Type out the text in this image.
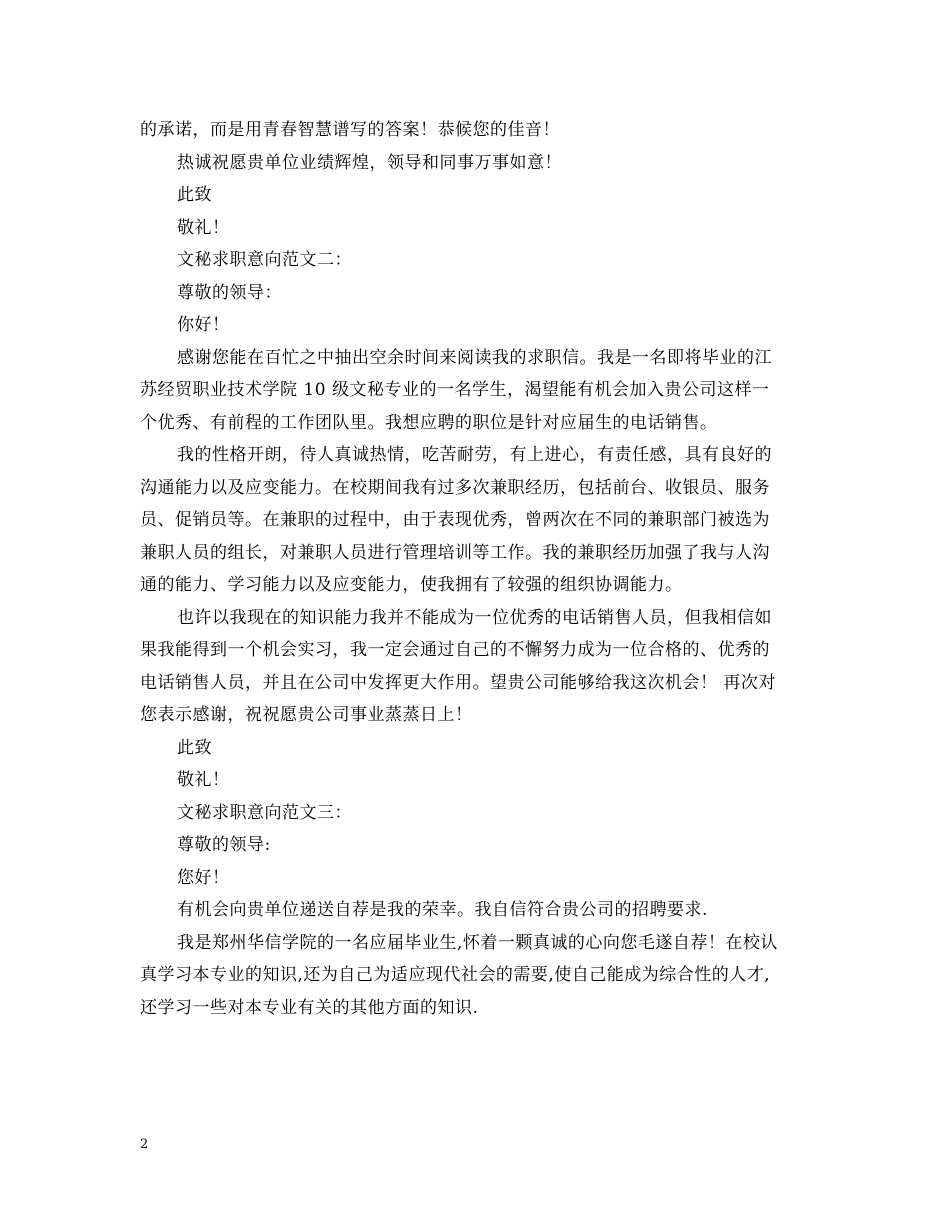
的承诺，而是用青春智慧谱写的答案！恭候您的佳音！
热诚祝愿贵单位业绩辉煌，领导和同事万事如意！
此致
敬礼！
文秘求职意向范文二：
尊敬的领导：
你好！
感谢您能在百忙之中抽出空余时间来阅读我的求职信。我是一名即将毕业的江
苏经贸职业技术学院 10 级文秘专业的一名学生，渴望能有机会加入贵公司这样一
个优秀、有前程的工作团队里。我想应聘的职位是针对应届生的电话销售。
我的性格开朗，待人真诚热情，吃苦耐劳，有上进心，有责任感，具有良好的
沟通能力以及应变能力。在校期间我有过多次兼职经历，包括前台、收银员、服务
员、促销员等。在兼职的过程中，由于表现优秀，曾两次在不同的兼职部门被选为
兼职人员的组长，对兼职人员进行管理培训等工作。我的兼职经历加强了我与人沟
通的能力、学习能力以及应变能力，使我拥有了较强的组织协调能力。
也许以我现在的知识能力我并不能成为一位优秀的电话销售人员，但我相信如
果我能得到一个机会实习，我一定会通过自己的不懈努力成为一位合格的、优秀的
电话销售人员，并且在公司中发挥更大作用。望贵公司能够给我这次机会！ 再次对
您表示感谢，祝祝愿贵公司事业蒸蒸日上！
此致
敬礼！
文秘求职意向范文三：
尊敬的领导:
您好！
有机会向贵单位递送自荐是我的荣幸。我自信符合贵公司的招聘要求.
我是郑州华信学院的一名应届毕业生,怀着一颗真诚的心向您毛遂自荐！在校认
真学习本专业的知识,还为自己为适应现代社会的需要,使自己能成为综合性的人才,
还学习一些对本专业有关的其他方面的知识.
2
